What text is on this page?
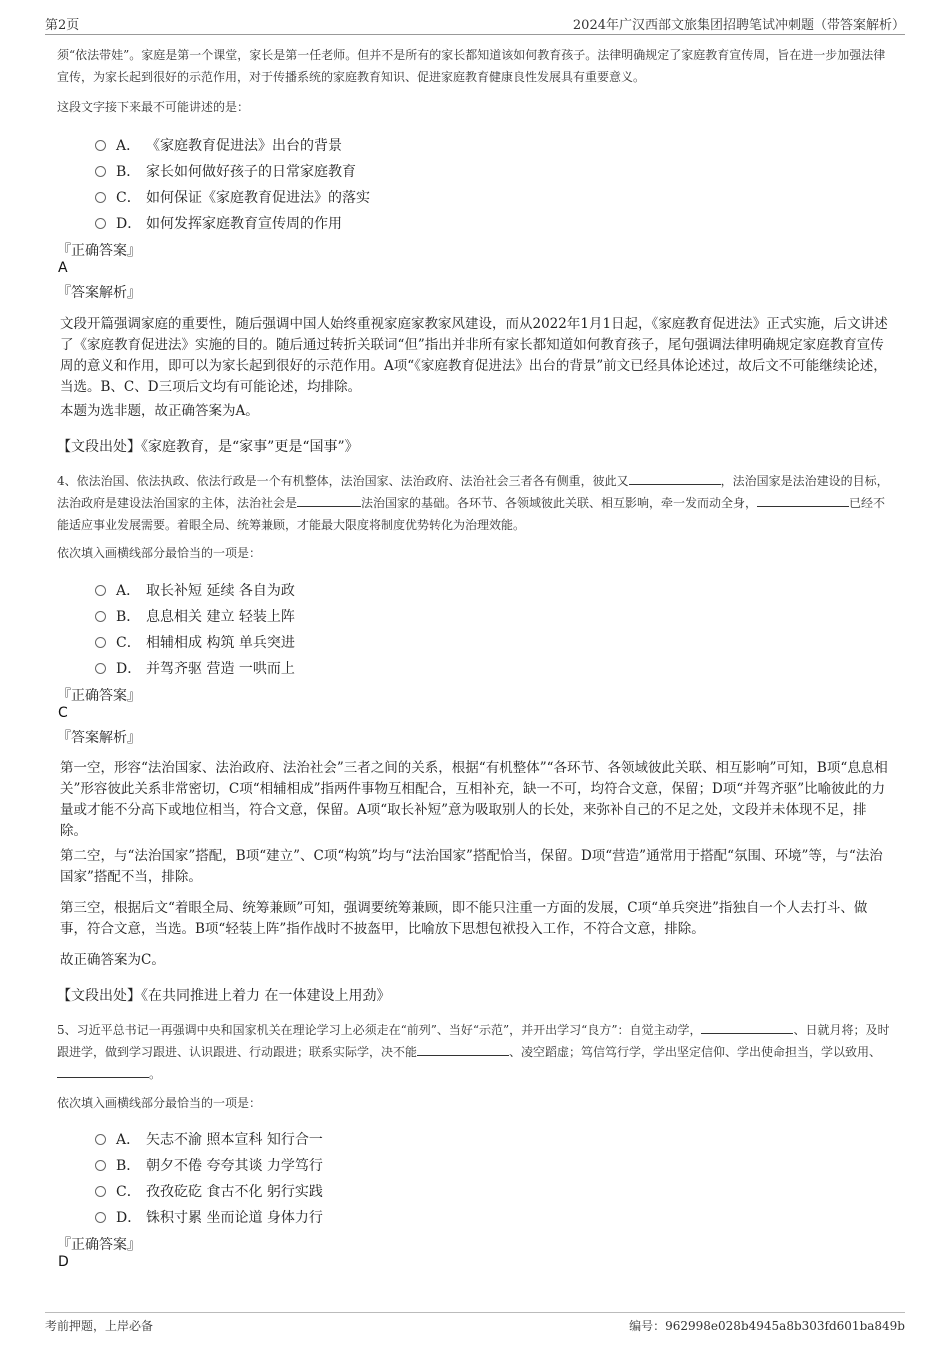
第2页	2024年广汉西部文旅集团招聘笔试冲刺题（带答案解析）

须“依法带娃”。家庭是第一个课堂，家长是第一任老师。但并不是所有的家长都知道该如何教育孩子。法律明确规定了家庭教育宣传周，旨在进一步加强法律宣传，为家长起到很好的示范作用，对于传播系统的家庭教育知识、促进家庭教育健康良性发展具有重要意义。

这段文字接下来最不可能讲述的是：

A． 《家庭教育促进法》出台的背景
B． 家长如何做好孩子的日常家庭教育
C． 如何保证《家庭教育促进法》的落实
D． 如何发挥家庭教育宣传周的作用
『正确答案』
A
『答案解析』

文段开篇强调家庭的重要性，随后强调中国人始终重视家庭家教家风建设，而从2022年1月1日起，《家庭教育促进法》正式实施，后文讲述了《家庭教育促进法》实施的目的。随后通过转折关联词“但”指出并非所有家长都知道如何教育孩子，尾句强调法律明确规定家庭教育宣传周的意义和作用，即可以为家长起到很好的示范作用。A项“《家庭教育促进法》出台的背景”前文已经具体论述过，故后文不可能继续论述，当选。B、C、D三项后文均有可能论述，均排除。

本题为选非题，故正确答案为A。

【文段出处】《家庭教育，是“家事”更是“国事”》

4、依法治国、依法执政、依法行政是一个有机整体，法治国家、法治政府、法治社会三者各有侧重，彼此又	，法治国家是法治建设的目标，法治政府是建设法治国家的主体，法治社会是	法治国家的基础。各环节、各领域彼此关联、相互影响，牵一发而动全身，	已经不能适应事业发展需要。着眼全局、统筹兼顾，才能最大限度将制度优势转化为治理效能。

依次填入画横线部分最恰当的一项是：

A． 取长补短 延续 各自为政
B． 息息相关 建立 轻装上阵
C． 相辅相成 构筑 单兵突进
D． 并驾齐驱 营造 一哄而上
『正确答案』
C
『答案解析』

第一空，形容“法治国家、法治政府、法治社会”三者之间的关系，根据“有机整体”“各环节、各领域彼此关联、相互影响”可知，B项“息息相关”形容彼此关系非常密切，C项“相辅相成”指两件事物互相配合，互相补充，缺一不可，均符合文意，保留；D项“并驾齐驱”比喻彼此的力量或才能不分高下或地位相当，符合文意，保留。A项“取长补短”意为吸取别人的长处，来弥补自己的不足之处，文段并未体现不足，排除。

第二空，与“法治国家”搭配，B项“建立”、C项“构筑”均与“法治国家”搭配恰当，保留。D项“营造”通常用于搭配“氛围、环境”等，与“法治国家”搭配不当，排除。

第三空，根据后文“着眼全局、统筹兼顾”可知，强调要统筹兼顾，即不能只注重一方面的发展，C项“单兵突进”指独自一个人去打斗、做事，符合文意，当选。B项“轻装上阵”指作战时不披盔甲，比喻放下思想包袱投入工作，不符合文意，排除。

故正确答案为C。

【文段出处】《在共同推进上着力 在一体建设上用劲》

5、习近平总书记一再强调中央和国家机关在理论学习上必须走在“前列”、当好“示范”，并开出学习“良方”：自觉主动学，	、日就月将；及时跟进学，做到学习跟进、认识跟进、行动跟进；联系实际学，决不能	、凌空蹈虚；笃信笃行学，学出坚定信仰、学出使命担当，学以致用、。

依次填入画横线部分最恰当的一项是：

A． 矢志不渝 照本宣科 知行合一
B． 朝夕不倦 夸夸其谈 力学笃行
C． 孜孜矻矻 食古不化 躬行实践
D． 铢积寸累 坐而论道 身体力行
『正确答案』
D
考前押题，上岸必备	编号：962998e028b4945a8b303fd601ba849b
